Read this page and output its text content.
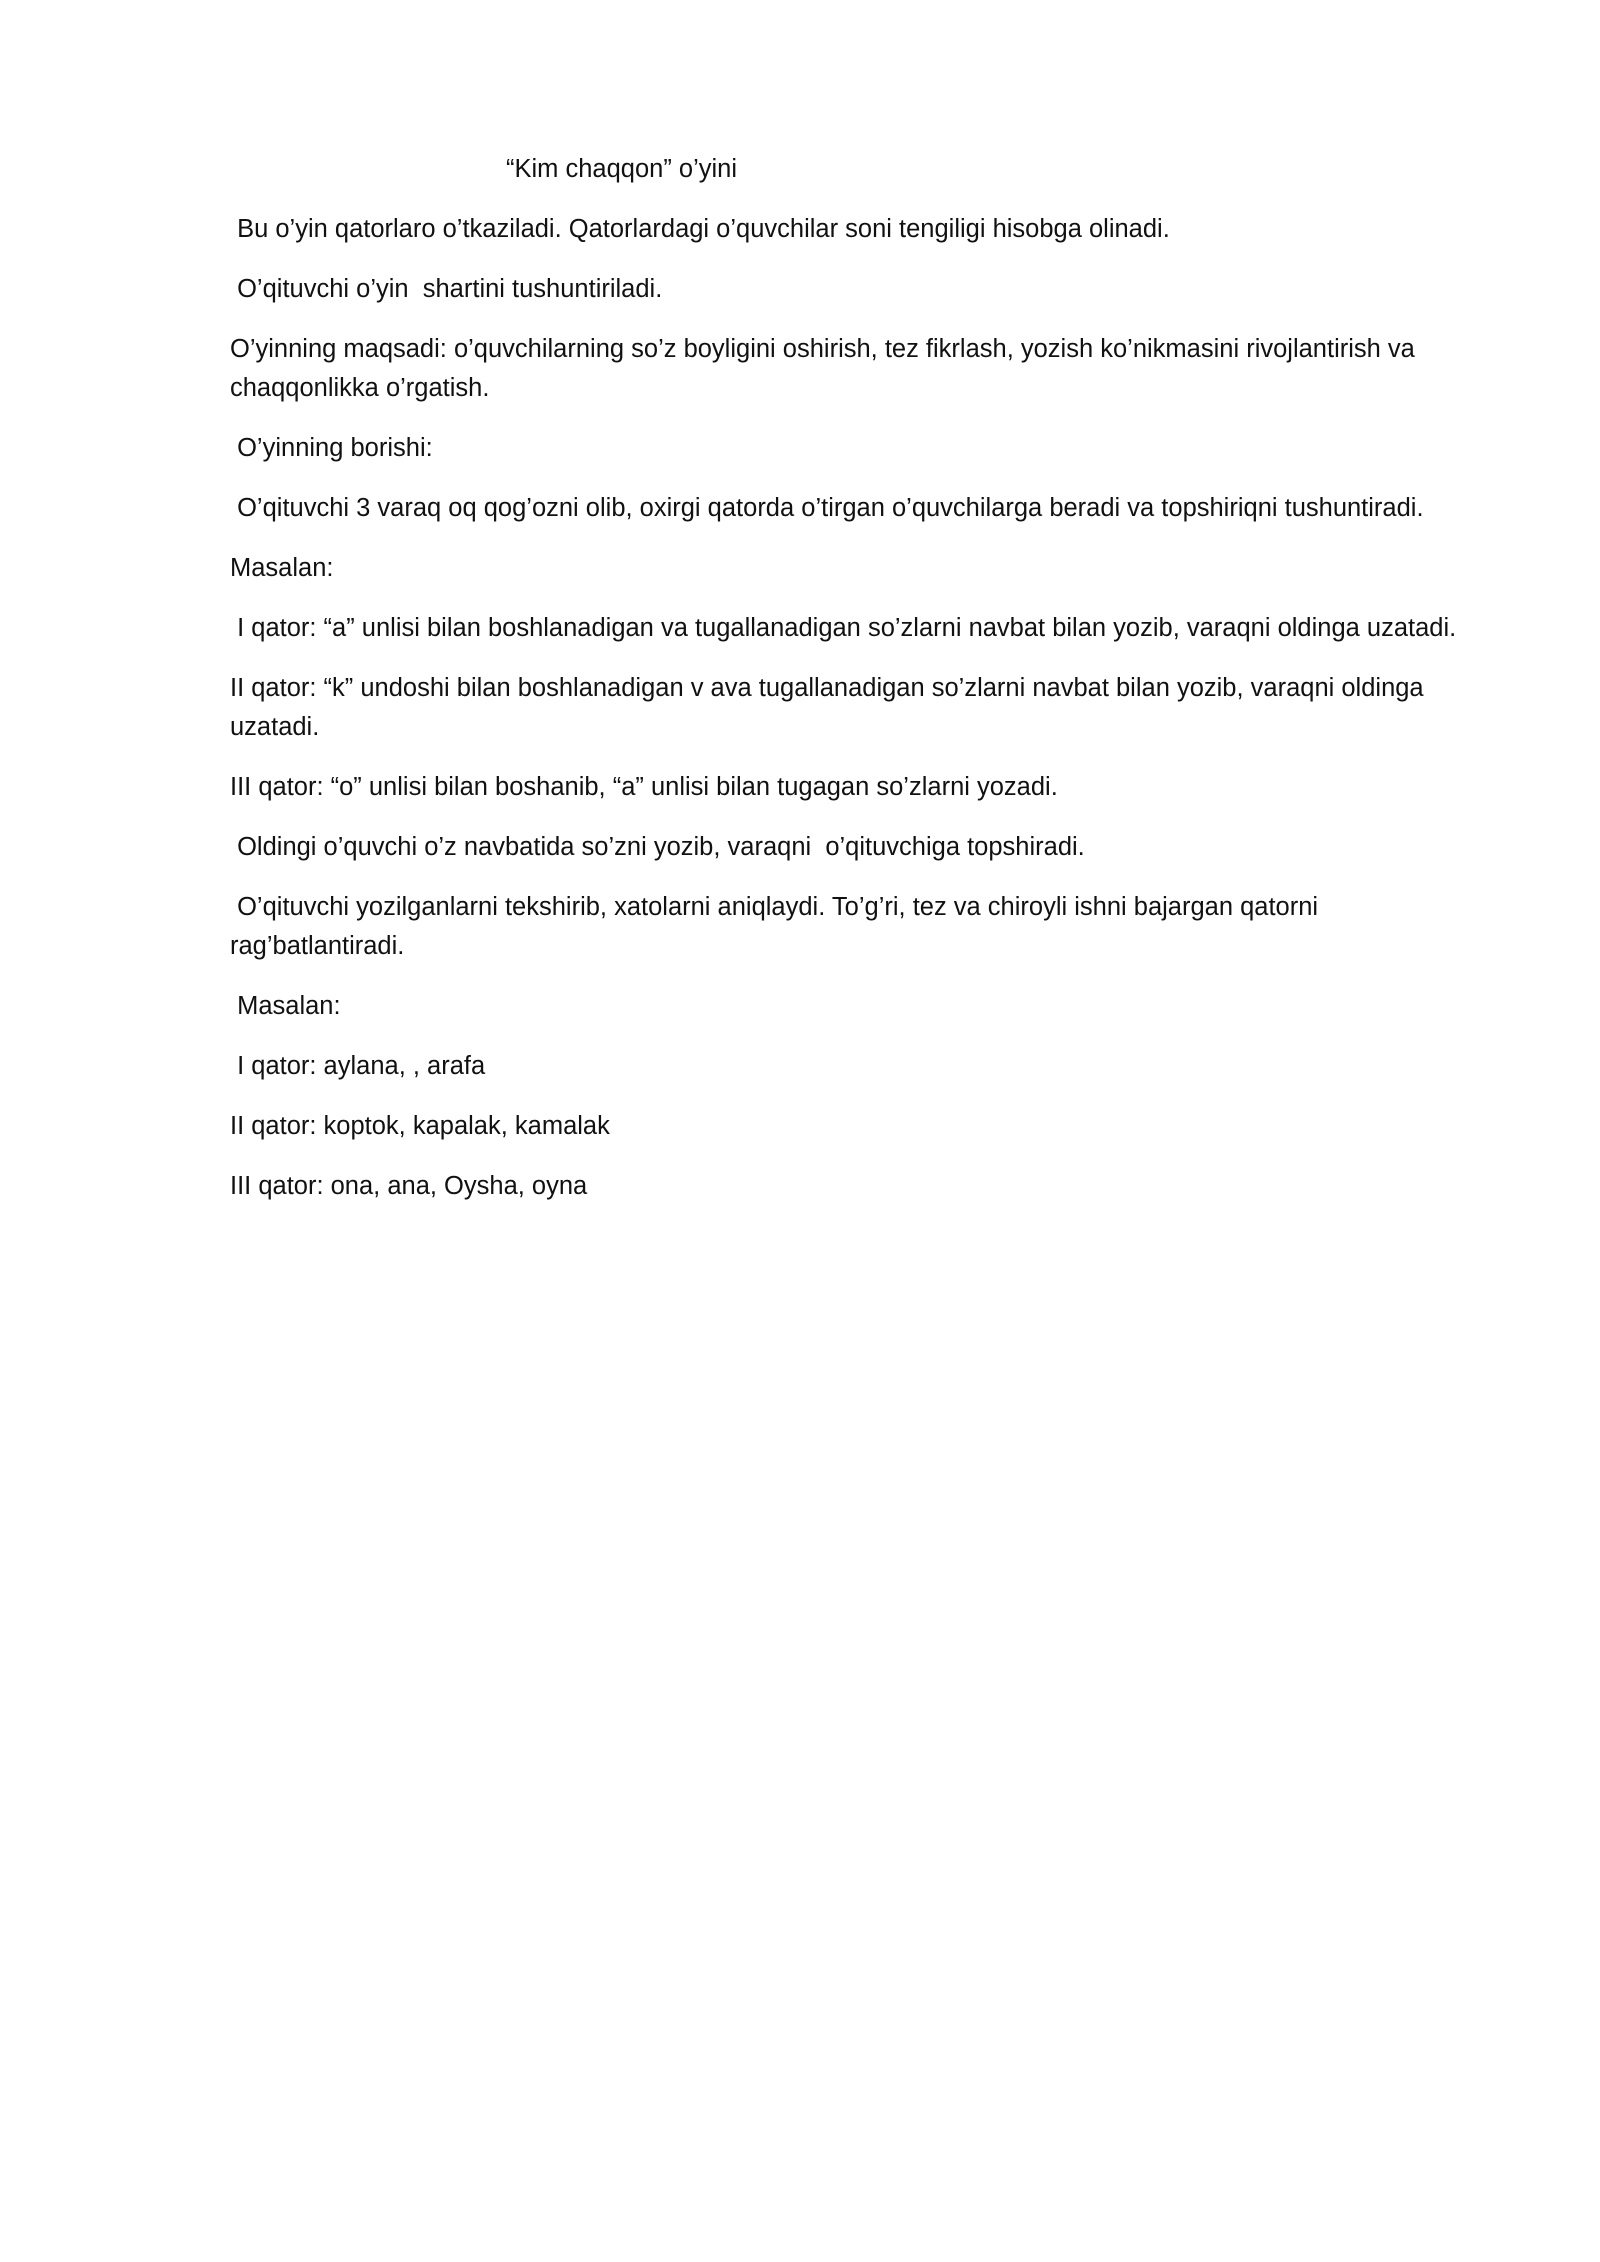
“Kim chaqqon” o’yini

Bu o’yin qatorlaro o’tkaziladi. Qatorlardagi o’quvchilar soni tengiligi hisobga olinadi.

O’qituvchi o’yin  shartini tushuntiriladi.

O’yinning maqsadi: o’quvchilarning so’z boyligini oshirish, tez fikrlash, yozish ko’nikmasini rivojlantirish va chaqqonlikka o’rgatish.

O’yinning borishi:

O’qituvchi 3 varaq oq qog’ozni olib, oxirgi qatorda o’tirgan o’quvchilarga beradi va topshiriqni tushuntiradi.

Masalan:

I qator: “a” unlisi bilan boshlanadigan va tugallanadigan so’zlarni navbat bilan yozib, varaqni oldinga uzatadi.

II qator: “k” undoshi bilan boshlanadigan v ava tugallanadigan so’zlarni navbat bilan yozib, varaqni oldinga uzatadi.

III qator: “o” unlisi bilan boshanib, “a” unlisi bilan tugagan so’zlarni yozadi.

Oldingi o’quvchi o’z navbatida so’zni yozib, varaqni  o’qituvchiga topshiradi.

O’qituvchi yozilganlarni tekshirib, xatolarni aniqlaydi. To’g’ri, tez va chiroyli ishni bajargan qatorni rag’batlantiradi.

Masalan:

I qator: aylana, , arafa

II qator: koptok, kapalak, kamalak

III qator: ona, ana, Oysha, oyna
